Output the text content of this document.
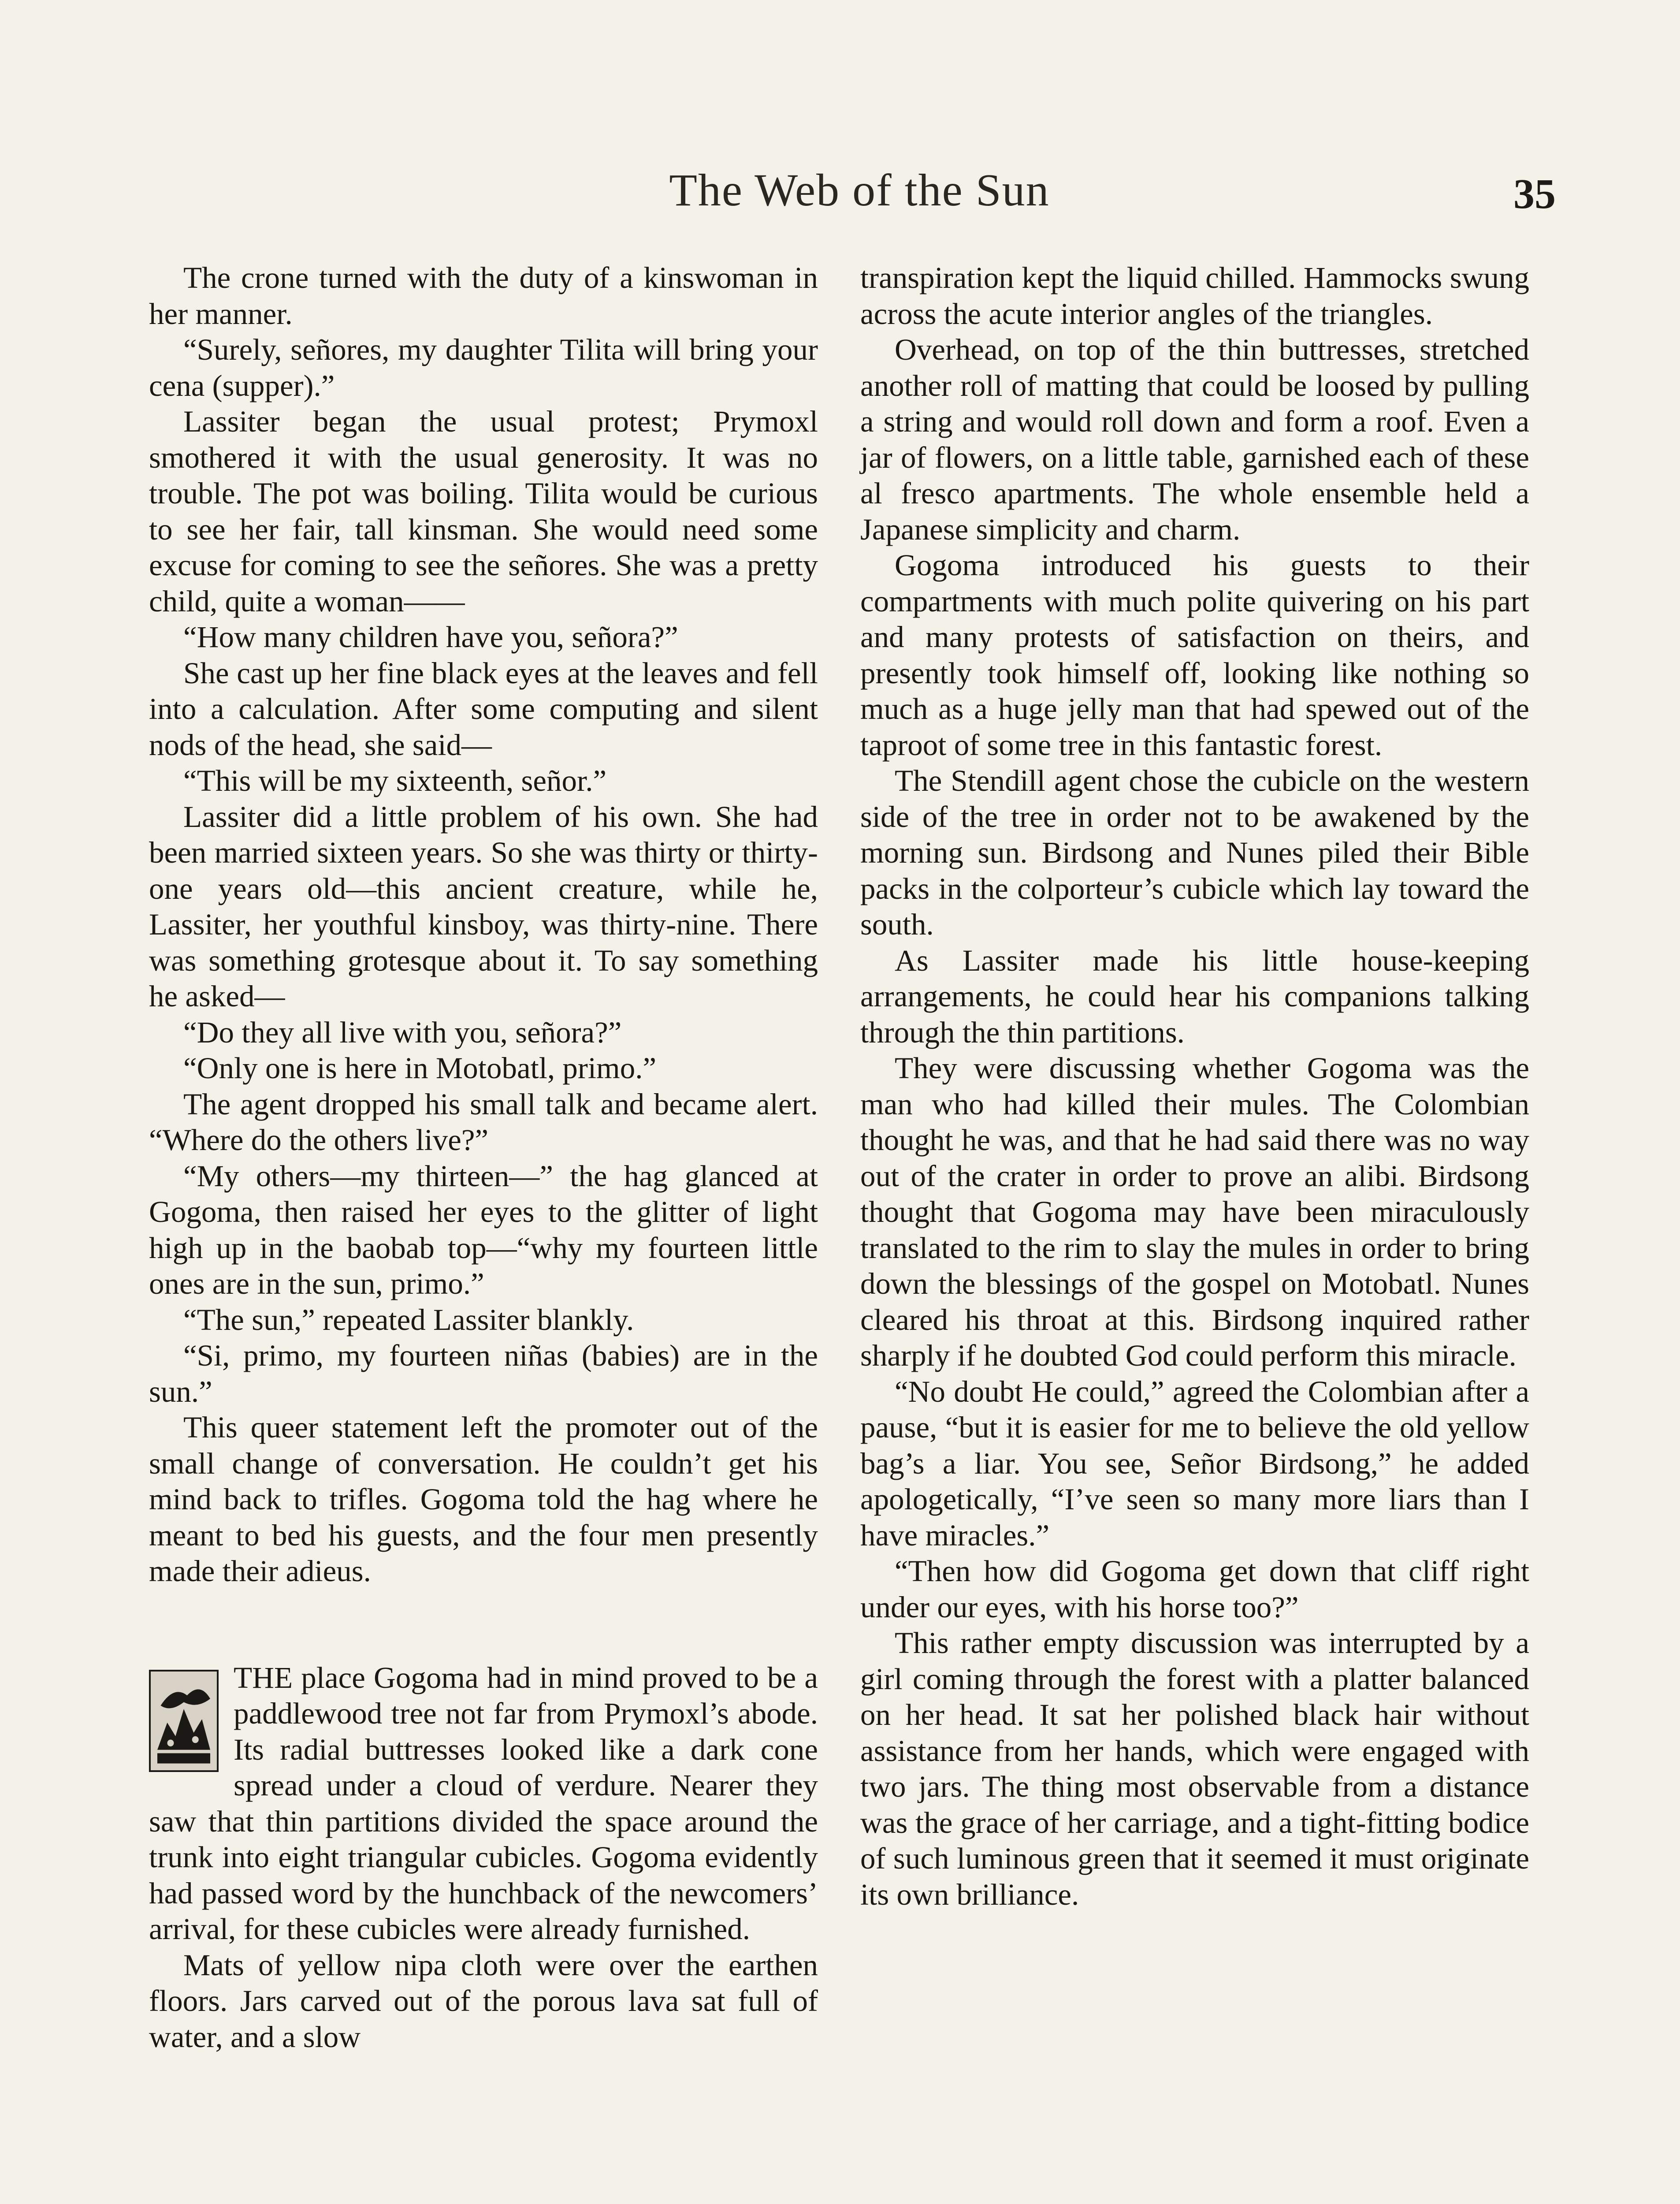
The Web of the Sun	35

The crone turned with the duty of a kinswoman in her manner.

“Surely, señores, my daughter Tilita will bring your cena (supper).”

Lassiter began the usual protest; Prymoxl smothered it with the usual generosity. It was no trouble. The pot was boiling. Tilita would be curious to see her fair, tall kinsman. She would need some excuse for coming to see the señores. She was a pretty child, quite a woman——

“How many children have you, señora?”

She cast up her fine black eyes at the leaves and fell into a calculation. After some computing and silent nods of the head, she said—

“This will be my sixteenth, señor.”

Lassiter did a little problem of his own. She had been married sixteen years. So she was thirty or thirty-one years old—this ancient creature, while he, Lassiter, her youthful kinsboy, was thirty-nine. There was something grotesque about it. To say something he asked—

“Do they all live with you, señora?”

“Only one is here in Motobatl, primo.”

The agent dropped his small talk and became alert. “Where do the others live?”

“My others—my thirteen—” the hag glanced at Gogoma, then raised her eyes to the glitter of light high up in the baobab top—“why my fourteen little ones are in the sun, primo.”

“The sun,” repeated Lassiter blankly.

“Si, primo, my fourteen niñas (babies) are in the sun.”

This queer statement left the promoter out of the small change of conversation. He couldn’t get his mind back to trifles. Gogoma told the hag where he meant to bed his guests, and the four men presently made their adieus.

THE place Gogoma had in mind proved to be a paddlewood tree not far from Prymoxl’s abode. Its radial buttresses looked like a dark cone spread under a cloud of verdure. Nearer they saw that thin partitions divided the space around the trunk into eight triangular cubicles. Gogoma evidently had passed word by the hunchback of the newcomers’ arrival, for these cubicles were already furnished.

Mats of yellow nipa cloth were over the earthen floors. Jars carved out of the porous lava sat full of water, and a slow

transpiration kept the liquid chilled. Hammocks swung across the acute interior angles of the triangles.

Overhead, on top of the thin buttresses, stretched another roll of matting that could be loosed by pulling a string and would roll down and form a roof. Even a jar of flowers, on a little table, garnished each of these al fresco apartments. The whole ensemble held a Japanese simplicity and charm.

Gogoma introduced his guests to their compartments with much polite quivering on his part and many protests of satisfaction on theirs, and presently took himself off, looking like nothing so much as a huge jelly man that had spewed out of the taproot of some tree in this fantastic forest.

The Stendill agent chose the cubicle on the western side of the tree in order not to be awakened by the morning sun. Birdsong and Nunes piled their Bible packs in the colporteur’s cubicle which lay toward the south.

As Lassiter made his little house-keeping arrangements, he could hear his companions talking through the thin partitions.

They were discussing whether Gogoma was the man who had killed their mules. The Colombian thought he was, and that he had said there was no way out of the crater in order to prove an alibi. Birdsong thought that Gogoma may have been miraculously translated to the rim to slay the mules in order to bring down the blessings of the gospel on Motobatl. Nunes cleared his throat at this. Birdsong inquired rather sharply if he doubted God could perform this miracle.

“No doubt He could,” agreed the Colombian after a pause, “but it is easier for me to believe the old yellow bag’s a liar. You see, Señor Birdsong,” he added apologetically, “I’ve seen so many more liars than I have miracles.”

“Then how did Gogoma get down that cliff right under our eyes, with his horse too?”

This rather empty discussion was interrupted by a girl coming through the forest with a platter balanced on her head. It sat her polished black hair without assistance from her hands, which were engaged with two jars. The thing most observable from a distance was the grace of her carriage, and a tight-fitting bodice of such luminous green that it seemed it must originate its own brilliance.
